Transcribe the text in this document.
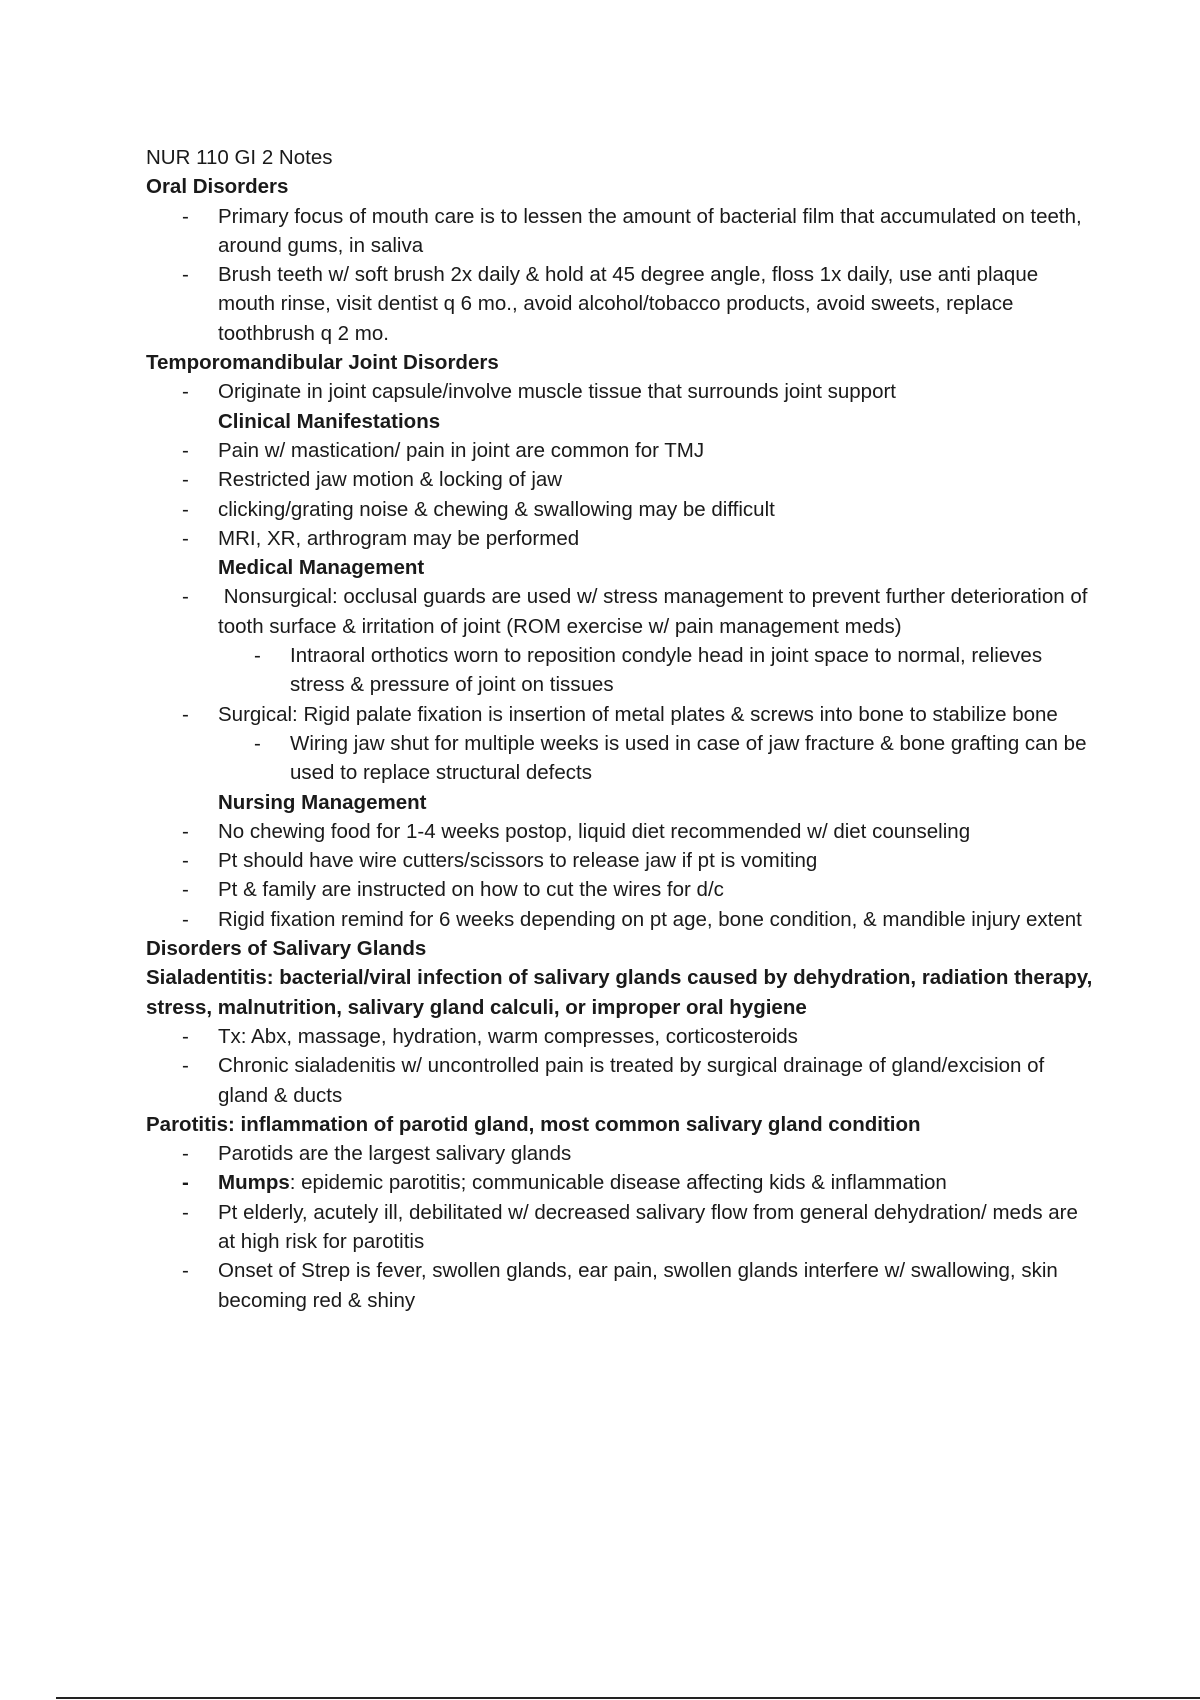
NUR 110 GI 2 Notes
Oral Disorders
-	Primary focus of mouth care is to lessen the amount of bacterial film that accumulated on teeth, around gums, in saliva
-	Brush teeth w/ soft brush 2x daily & hold at 45 degree angle, floss 1x daily, use anti plaque mouth rinse, visit dentist q 6 mo., avoid alcohol/tobacco products, avoid sweets, replace toothbrush q 2 mo.
Temporomandibular Joint Disorders
-	Originate in joint capsule/involve muscle tissue that surrounds joint support
Clinical Manifestations
-	Pain w/ mastication/ pain in joint are common for TMJ
-	Restricted jaw motion & locking of jaw
-	clicking/grating noise & chewing & swallowing may be difficult
-	MRI, XR, arthrogram may be performed
Medical Management
-	Nonsurgical: occlusal guards are used w/ stress management to prevent further deterioration of tooth surface & irritation of joint (ROM exercise w/ pain management meds)
-	Intraoral orthotics worn to reposition condyle head in joint space to normal, relieves stress & pressure of joint on tissues
-	Surgical: Rigid palate fixation is insertion of metal plates & screws into bone to stabilize bone
-	Wiring jaw shut for multiple weeks is used in case of jaw fracture & bone grafting can be used to replace structural defects
Nursing Management
-	No chewing food for 1-4 weeks postop, liquid diet recommended w/ diet counseling
-	Pt should have wire cutters/scissors to release jaw if pt is vomiting
-	Pt & family are instructed on how to cut the wires for d/c
-	Rigid fixation remind for 6 weeks depending on pt age, bone condition, & mandible injury extent
Disorders of Salivary Glands
Sialadentitis: bacterial/viral infection of salivary glands caused by dehydration, radiation therapy, stress, malnutrition, salivary gland calculi, or improper oral hygiene
-	Tx: Abx, massage, hydration, warm compresses, corticosteroids
-	Chronic sialadenitis w/ uncontrolled pain is treated by surgical drainage of gland/excision of gland & ducts
Parotitis: inflammation of parotid gland, most common salivary gland condition
-	Parotids are the largest salivary glands
-	Mumps: epidemic parotitis; communicable disease affecting kids & inflammation
-	Pt elderly, acutely ill, debilitated w/ decreased salivary flow from general dehydration/ meds are at high risk for parotitis
-	Onset of Strep is fever, swollen glands, ear pain, swollen glands interfere w/ swallowing, skin becoming red & shiny
